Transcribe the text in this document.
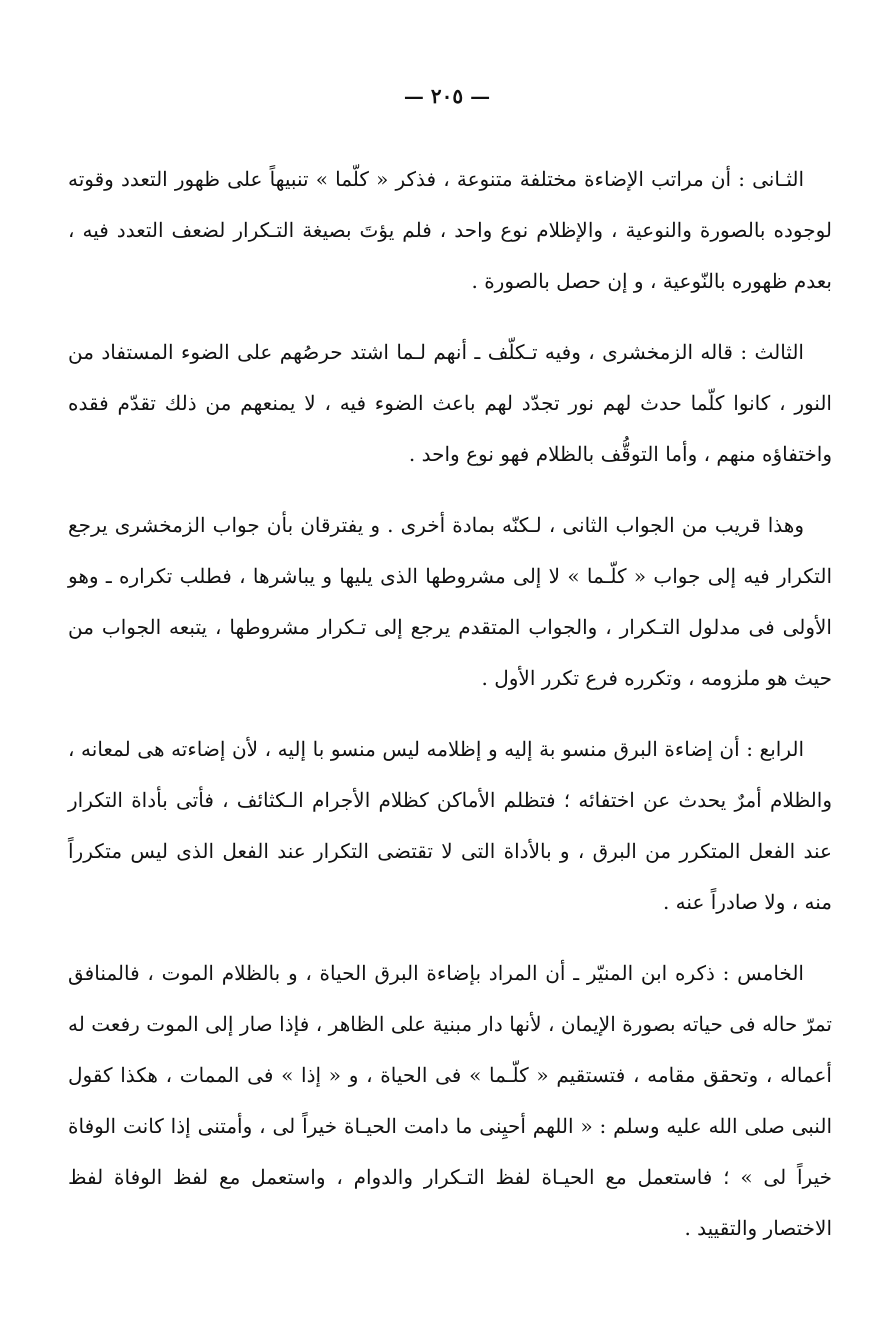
— ٢٠٥ —

الثـانى : أن مراتب الإضاءة مختلفة متنوعة ، فذكر « كلّما » تنبيهاً على ظهور التعدد وقوته لوجوده بالصورة والنوعية ، والإظلام نوع واحد ، فلم يؤتَ بصيغة التـكرار لضعف التعدد فيه ، بعدم ظهوره بالنّوعية ، و إن حصل بالصورة .

الثالث : قاله الزمخشرى ، وفيه تـكلّف ـ أنهم لـما اشتد حرصُهم على الضوء المستفاد من النور ، كانوا كلّما حدث لهم نور تجدّد لهم باعث الضوء فيه ، لا يمنعهم من ذلك تقدّم فقده واختفاؤه منهم ، وأما التوقُّف بالظلام فهو نوع واحد .

وهذا قريب من الجواب الثانى ، لـكنّه بمادة أخرى . و يفترقان بأن جواب الزمخشرى يرجع التكرار فيه إلى جواب « كلّـما » لا إلى مشروطها الذى يليها و يباشرها ، فطلب تكراره ـ وهو الأولى فى مدلول التـكرار ، والجواب المتقدم يرجع إلى تـكرار مشروطها ، يتبعه الجواب من حيث هو ملزومه ، وتكرره فرع تكرر الأول .

الرابع : أن إضاءة البرق منسو بة إليه و إظلامه ليس منسو با إليه ، لأن إضاءته هى لمعانه ، والظلام أمرٌ يحدث عن اختفائه ؛ فتظلم الأماكن كظلام الأجرام الـكثائف ، فأتى بأداة التكرار عند الفعل المتكرر من البرق ، و بالأداة التى لا تقتضى التكرار عند الفعل الذى ليس متكرراً منه ، ولا صادراً عنه .

الخامس : ذكره ابن المنيّر ـ أن المراد بإضاءة البرق الحياة ، و بالظلام الموت ، فالمنافق تمرّ حاله فى حياته بصورة الإيمان ، لأنها دار مبنية على الظاهر ، فإذا صار إلى الموت رفعت له أعماله ، وتحقق مقامه ، فتستقيم « كلّـما » فى الحياة ، و « إذا » فى الممات ، هكذا كقول النبى صلى الله عليه وسلم : « اللهم أحيِنى ما دامت الحيـاة خيراً لى ، وأمتنى إذا كانت الوفاة خيراً لى » ؛ فاستعمل مع الحيـاة لفظ التـكرار والدوام ، واستعمل مع لفظ الوفاة لفظ الاختصار والتقييد .
